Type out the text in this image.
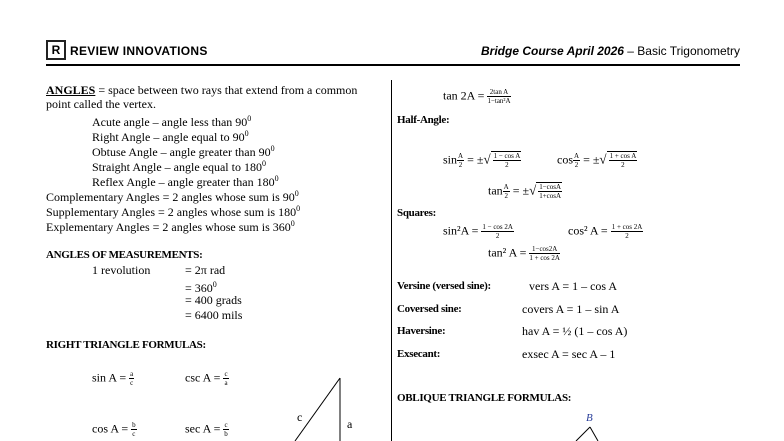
R REVIEW INNOVATIONS	Bridge Course April 2026 – Basic Trigonometry
ANGLES = space between two rays that extend from a common
point called the vertex.
Acute angle – angle less than $90^0$
Right Angle – angle equal to $90^0$
Obtuse Angle – angle greater than $90^0$
Straight Angle – angle equal to $180^0$
Reflex Angle – angle greater than $180^0$
Complementary Angles = 2 angles whose sum is $90^0$
Supplementary Angles = 2 angles whose sum is $180^0$
Explementary Angles = 2 angles whose sum is $360^0$
ANGLES OF MEASUREMENTS:
1 revolution	= 2π rad
= $360^0$
= 400 grads
= 6400 mils
RIGHT TRIANGLE FORMULAS:
$\sin A = \frac{a}{c}$	$\csc A = \frac{c}{a}$
$\cos A = \frac{b}{c}$	$\sec A = \frac{c}{b}$
c	a
$\tan 2A = \frac{\text{2tan A}}{\text{1−tan²A}}$
Half-Angle:
$\sin \frac{A}{2}$ = ±√ $\frac{\text{1 − cos A}}{2}$	$\cos \frac{A}{2}$ = ±√ $\frac{\text{1 + cos A}}{2}$
$\tan \frac{A}{2}$ = ±√ $\frac{1-\cos A}{1+\cos A}$
Squares:
$\sin^2A = \frac{1 - \cos 2A}{2}$	cos² $A = \frac{1 + \cos 2A}{2}$
tan² $A = \frac{1-\cos 2A}{1 + \cos 2A}$
Versine (versed sine):	vers A = 1 – cos A
Coversed sine:	covers A = 1 – sin A
Haversine:	hav A = ½ (1 – cos A)
Exsecant:	exsec A = sec A – 1
OBLIQUE TRIANGLE FORMULAS:
B
